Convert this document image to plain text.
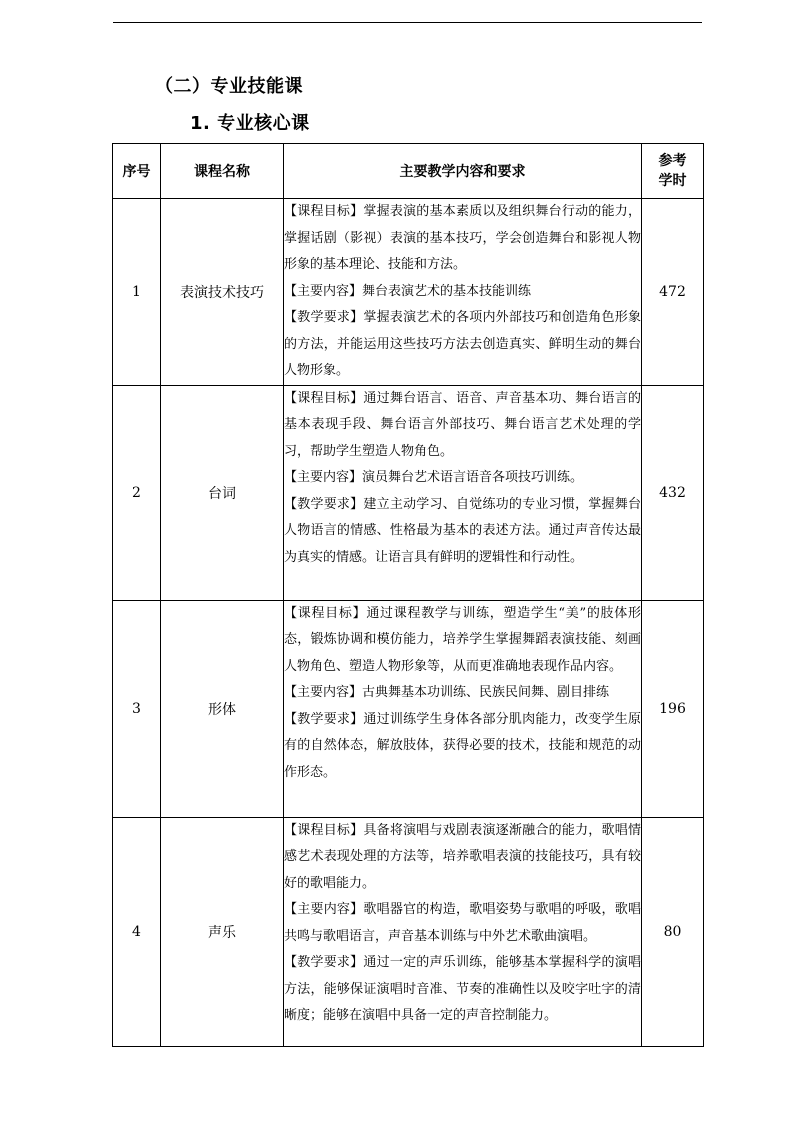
（二）专业技能课
1. 专业核心课
序号	课程名称	主要教学内容和要求	参考
学时

1	表演技术技巧	【课程目标】掌握表演的基本素质以及组织舞台行动的能力，掌握话剧（影视）表演的基本技巧，学会创造舞台和影视人物形象的基本理论、技能和方法。

【主要内容】舞台表演艺术的基本技能训练

【教学要求】掌握表演艺术的各项内外部技巧和创造角色形象的方法，并能运用这些技巧方法去创造真实、鲜明生动的舞台人物形象。	472
2	台词	【课程目标】通过舞台语言、语音、声音基本功、舞台语言的基本表现手段、舞台语言外部技巧、舞台语言艺术处理的学习，帮助学生塑造人物角色。

【主要内容】演员舞台艺术语言语音各项技巧训练。

【教学要求】建立主动学习、自觉练功的专业习惯，掌握舞台人物语言的情感、性格最为基本的表述方法。通过声音传达最为真实的情感。让语言具有鲜明的逻辑性和行动性。	432
3	形体	【课程目标】通过课程教学与训练，塑造学生“美”的肢体形态，锻炼协调和模仿能力，培养学生掌握舞蹈表演技能、刻画人物角色、塑造人物形象等，从而更准确地表现作品内容。

【主要内容】古典舞基本功训练、民族民间舞、剧目排练

【教学要求】通过训练学生身体各部分肌肉能力，改变学生原有的自然体态，解放肢体，获得必要的技术，技能和规范的动作形态。	196
4	声乐	【课程目标】具备将演唱与戏剧表演逐渐融合的能力，歌唱情感艺术表现处理的方法等，培养歌唱表演的技能技巧，具有较好的歌唱能力。

【主要内容】歌唱器官的构造，歌唱姿势与歌唱的呼吸，歌唱共鸣与歌唱语言，声音基本训练与中外艺术歌曲演唱。

【教学要求】通过一定的声乐训练，能够基本掌握科学的演唱方法，能够保证演唱时音准、节奏的准确性以及咬字吐字的清晰度；能够在演唱中具备一定的声音控制能力。	80
